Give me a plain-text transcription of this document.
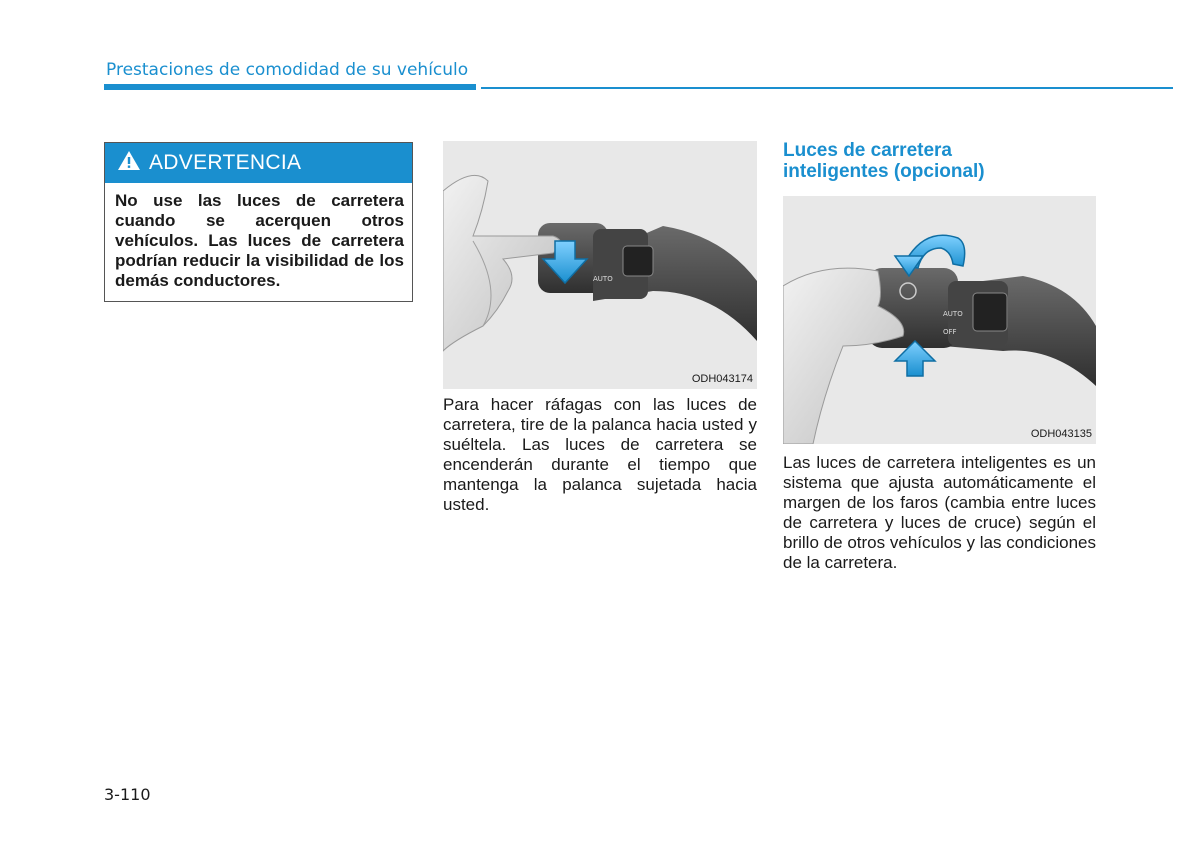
Prestaciones de comodidad de su vehículo
ADVERTENCIA
No use las luces de carretera cuando se acerquen otros vehículos. Las luces de carretera podrían reducir la visibilidad de los demás conductores.	AUTO
ODH043174
Para hacer ráfagas con las luces de carretera, tire de la palanca hacia usted y suéltela. Las luces de carretera se encenderán durante el tiempo que mantenga la palanca sujetada hacia usted.
Luces de carretera
inteligentes (opcional)
AUTO
OFF
ODH043135
Las luces de carretera inteligentes es un sistema que ajusta automáticamente el margen de los faros (cambia entre luces de carretera y luces de cruce) según el brillo de otros vehículos y las condiciones de la carretera.
3-110
